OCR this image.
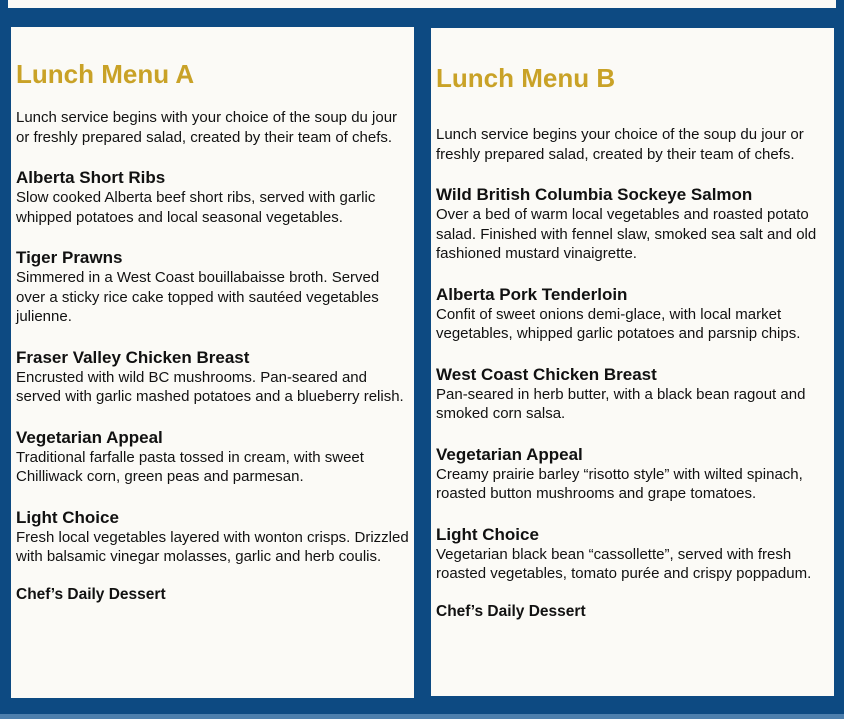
Lunch Menu A

Lunch service begins with your choice of the soup du jour or freshly prepared salad, created by their team of chefs.

Alberta Short Ribs

Slow cooked Alberta beef short ribs, served with garlic whipped potatoes and local seasonal vegetables.

Tiger Prawns

Simmered in a West Coast bouillabaisse broth. Served over a sticky rice cake topped with sautéed vegetables julienne.

Fraser Valley Chicken Breast

Encrusted with wild BC mushrooms. Pan-seared and served with garlic mashed potatoes and a blueberry relish.

Vegetarian Appeal

Traditional farfalle pasta tossed in cream, with sweet Chilliwack corn, green peas and parmesan.

Light Choice

Fresh local vegetables layered with wonton crisps. Drizzled with balsamic vinegar molasses, garlic and herb coulis.

Chef’s Daily Dessert

Lunch Menu B

Lunch service begins your choice of the soup du jour or freshly prepared salad, created by their team of chefs.

Wild British Columbia Sockeye Salmon

Over a bed of warm local vegetables and roasted potato salad. Finished with fennel slaw, smoked sea salt and old fashioned mustard vinaigrette.

Alberta Pork Tenderloin

Confit of sweet onions demi-glace, with local market vegetables, whipped garlic potatoes and parsnip chips.

West Coast Chicken Breast

Pan-seared in herb butter, with a black bean ragout and smoked corn salsa.

Vegetarian Appeal

Creamy prairie barley “risotto style” with wilted spinach, roasted button mushrooms and grape tomatoes.

Light Choice

Vegetarian black bean “cassollette”, served with fresh roasted vegetables, tomato purée and crispy poppadum.

Chef’s Daily Dessert
